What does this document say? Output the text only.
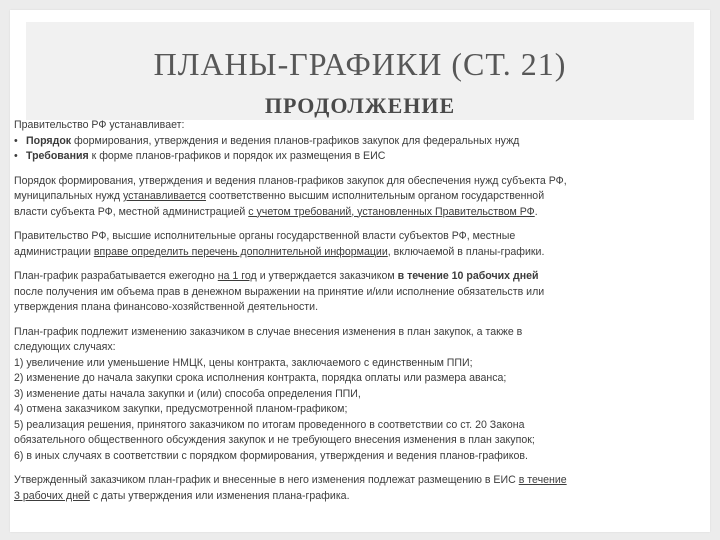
ПЛАНЫ-ГРАФИКИ (СТ. 21)
ПРОДОЛЖЕНИЕ

Правительство РФ устанавливает:

• Порядок формирования, утверждения и ведения планов-графиков закупок для федеральных нужд
• Требования к форме планов-графиков и порядок их размещения в ЕИС
Порядок формирования, утверждения и ведения планов-графиков закупок для обеспечения нужд субъекта РФ,
муниципальных нужд устанавливается соответственно высшим исполнительным органом государственной
власти субъекта РФ, местной администрацией с учетом требований, установленных Правительством РФ.
Правительство РФ, высшие исполнительные органы государственной власти субъектов РФ, местные
администрации вправе определить перечень дополнительной информации, включаемой в планы-графики.
План-график разрабатывается ежегодно на 1 год и утверждается заказчиком в течение 10 рабочих дней
после получения им объема прав в денежном выражении на принятие и/или исполнение обязательств или
утверждения плана финансово-хозяйственной деятельности.
План-график подлежит изменению заказчиком в случае внесения изменения в план закупок, а также в
следующих случаях:
1) увеличение или уменьшение НМЦК, цены контракта, заключаемого с единственным ППИ;
2) изменение до начала закупки срока исполнения контракта, порядка оплаты или размера аванса;
3) изменение даты начала закупки и (или) способа определения ППИ,
4) отмена заказчиком закупки, предусмотренной планом-графиком;
5) реализация решения, принятого заказчиком по итогам проведенного в соответствии со ст. 20 Закона
обязательного общественного обсуждения закупок и не требующего внесения изменения в план закупок;
6) в иных случаях в соответствии с порядком формирования, утверждения и ведения планов-графиков.
Утвержденный заказчиком план-график и внесенные в него изменения подлежат размещению в ЕИС в течение
3 рабочих дней с даты утверждения или изменения плана-графика.
